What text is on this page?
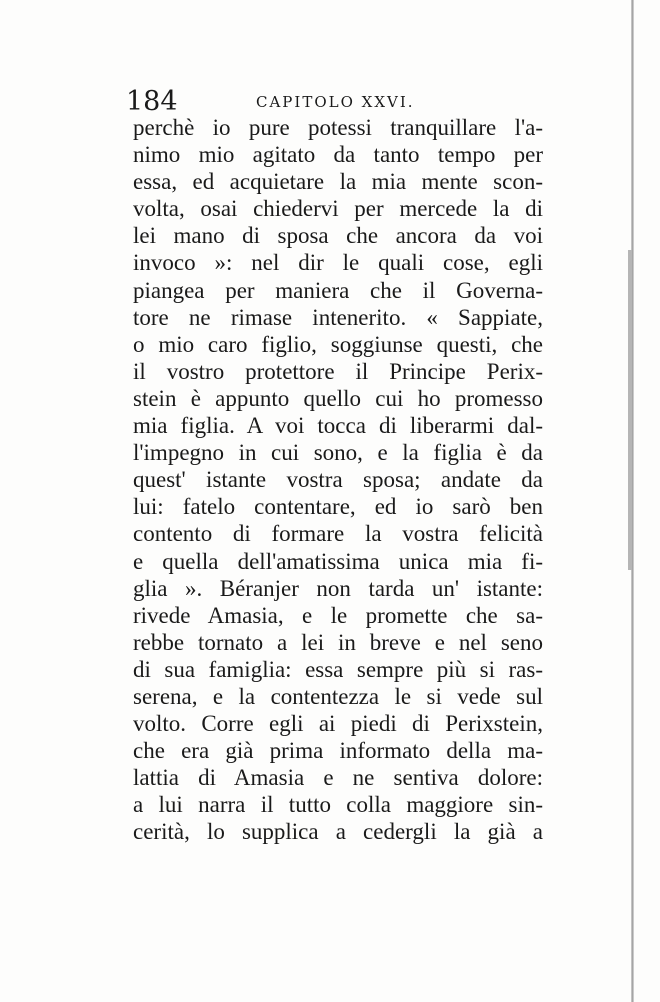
184	CAPITOLO XXVI.
perchè io pure potessi tranquillare l'a-
nimo mio agitato da tanto tempo per
essa, ed acquietare la mia mente scon-
volta, osai chiedervi per mercede la di
lei mano di sposa che ancora da voi
invoco »: nel dir le quali cose, egli
piangea per maniera che il Governa-
tore ne rimase intenerito. « Sappiate,
o mio caro figlio, soggiunse questi, che
il vostro protettore il Principe Perix-
stein è appunto quello cui ho promesso
mia figlia. A voi tocca di liberarmi dal-
l'impegno in cui sono, e la figlia è da
quest' istante vostra sposa; andate da
lui: fatelo contentare, ed io sarò ben
contento di formare la vostra felicità
e quella dell'amatissima unica mia fi-
glia ». Béranjer non tarda un' istante:
rivede Amasia, e le promette che sa-
rebbe tornato a lei in breve e nel seno
di sua famiglia: essa sempre più si ras-
serena, e la contentezza le si vede sul
volto. Corre egli ai piedi di Perixstein,
che era già prima informato della ma-
lattia di Amasia e ne sentiva dolore:
a lui narra il tutto colla maggiore sin-
cerità, lo supplica a cedergli la già a
